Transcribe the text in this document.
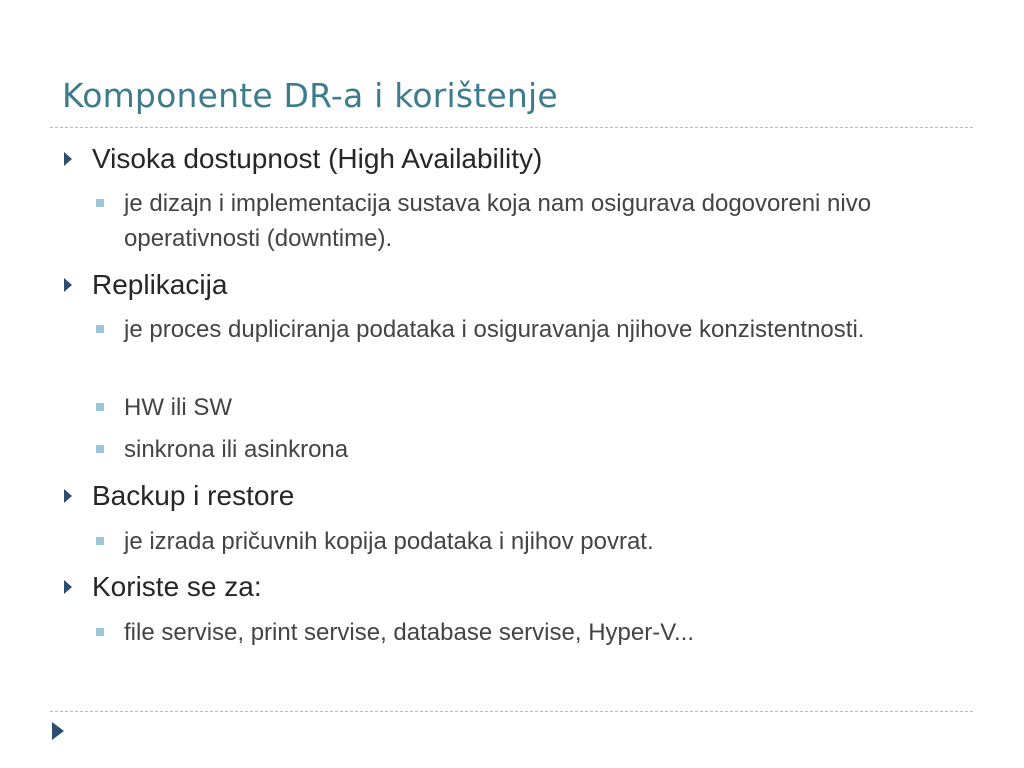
Komponente DR-a i korištenje
Visoka dostupnost (High Availability)
je dizajn i implementacija sustava koja nam osigurava dogovoreni nivo operativnosti (downtime).
Replikacija
je proces dupliciranja podataka i osiguravanja njihove konzistentnosti.
HW ili SW
sinkrona ili asinkrona
Backup i restore
je izrada pričuvnih kopija podataka i njihov povrat.
Koriste se za:
file servise, print servise, database servise, Hyper-V...
